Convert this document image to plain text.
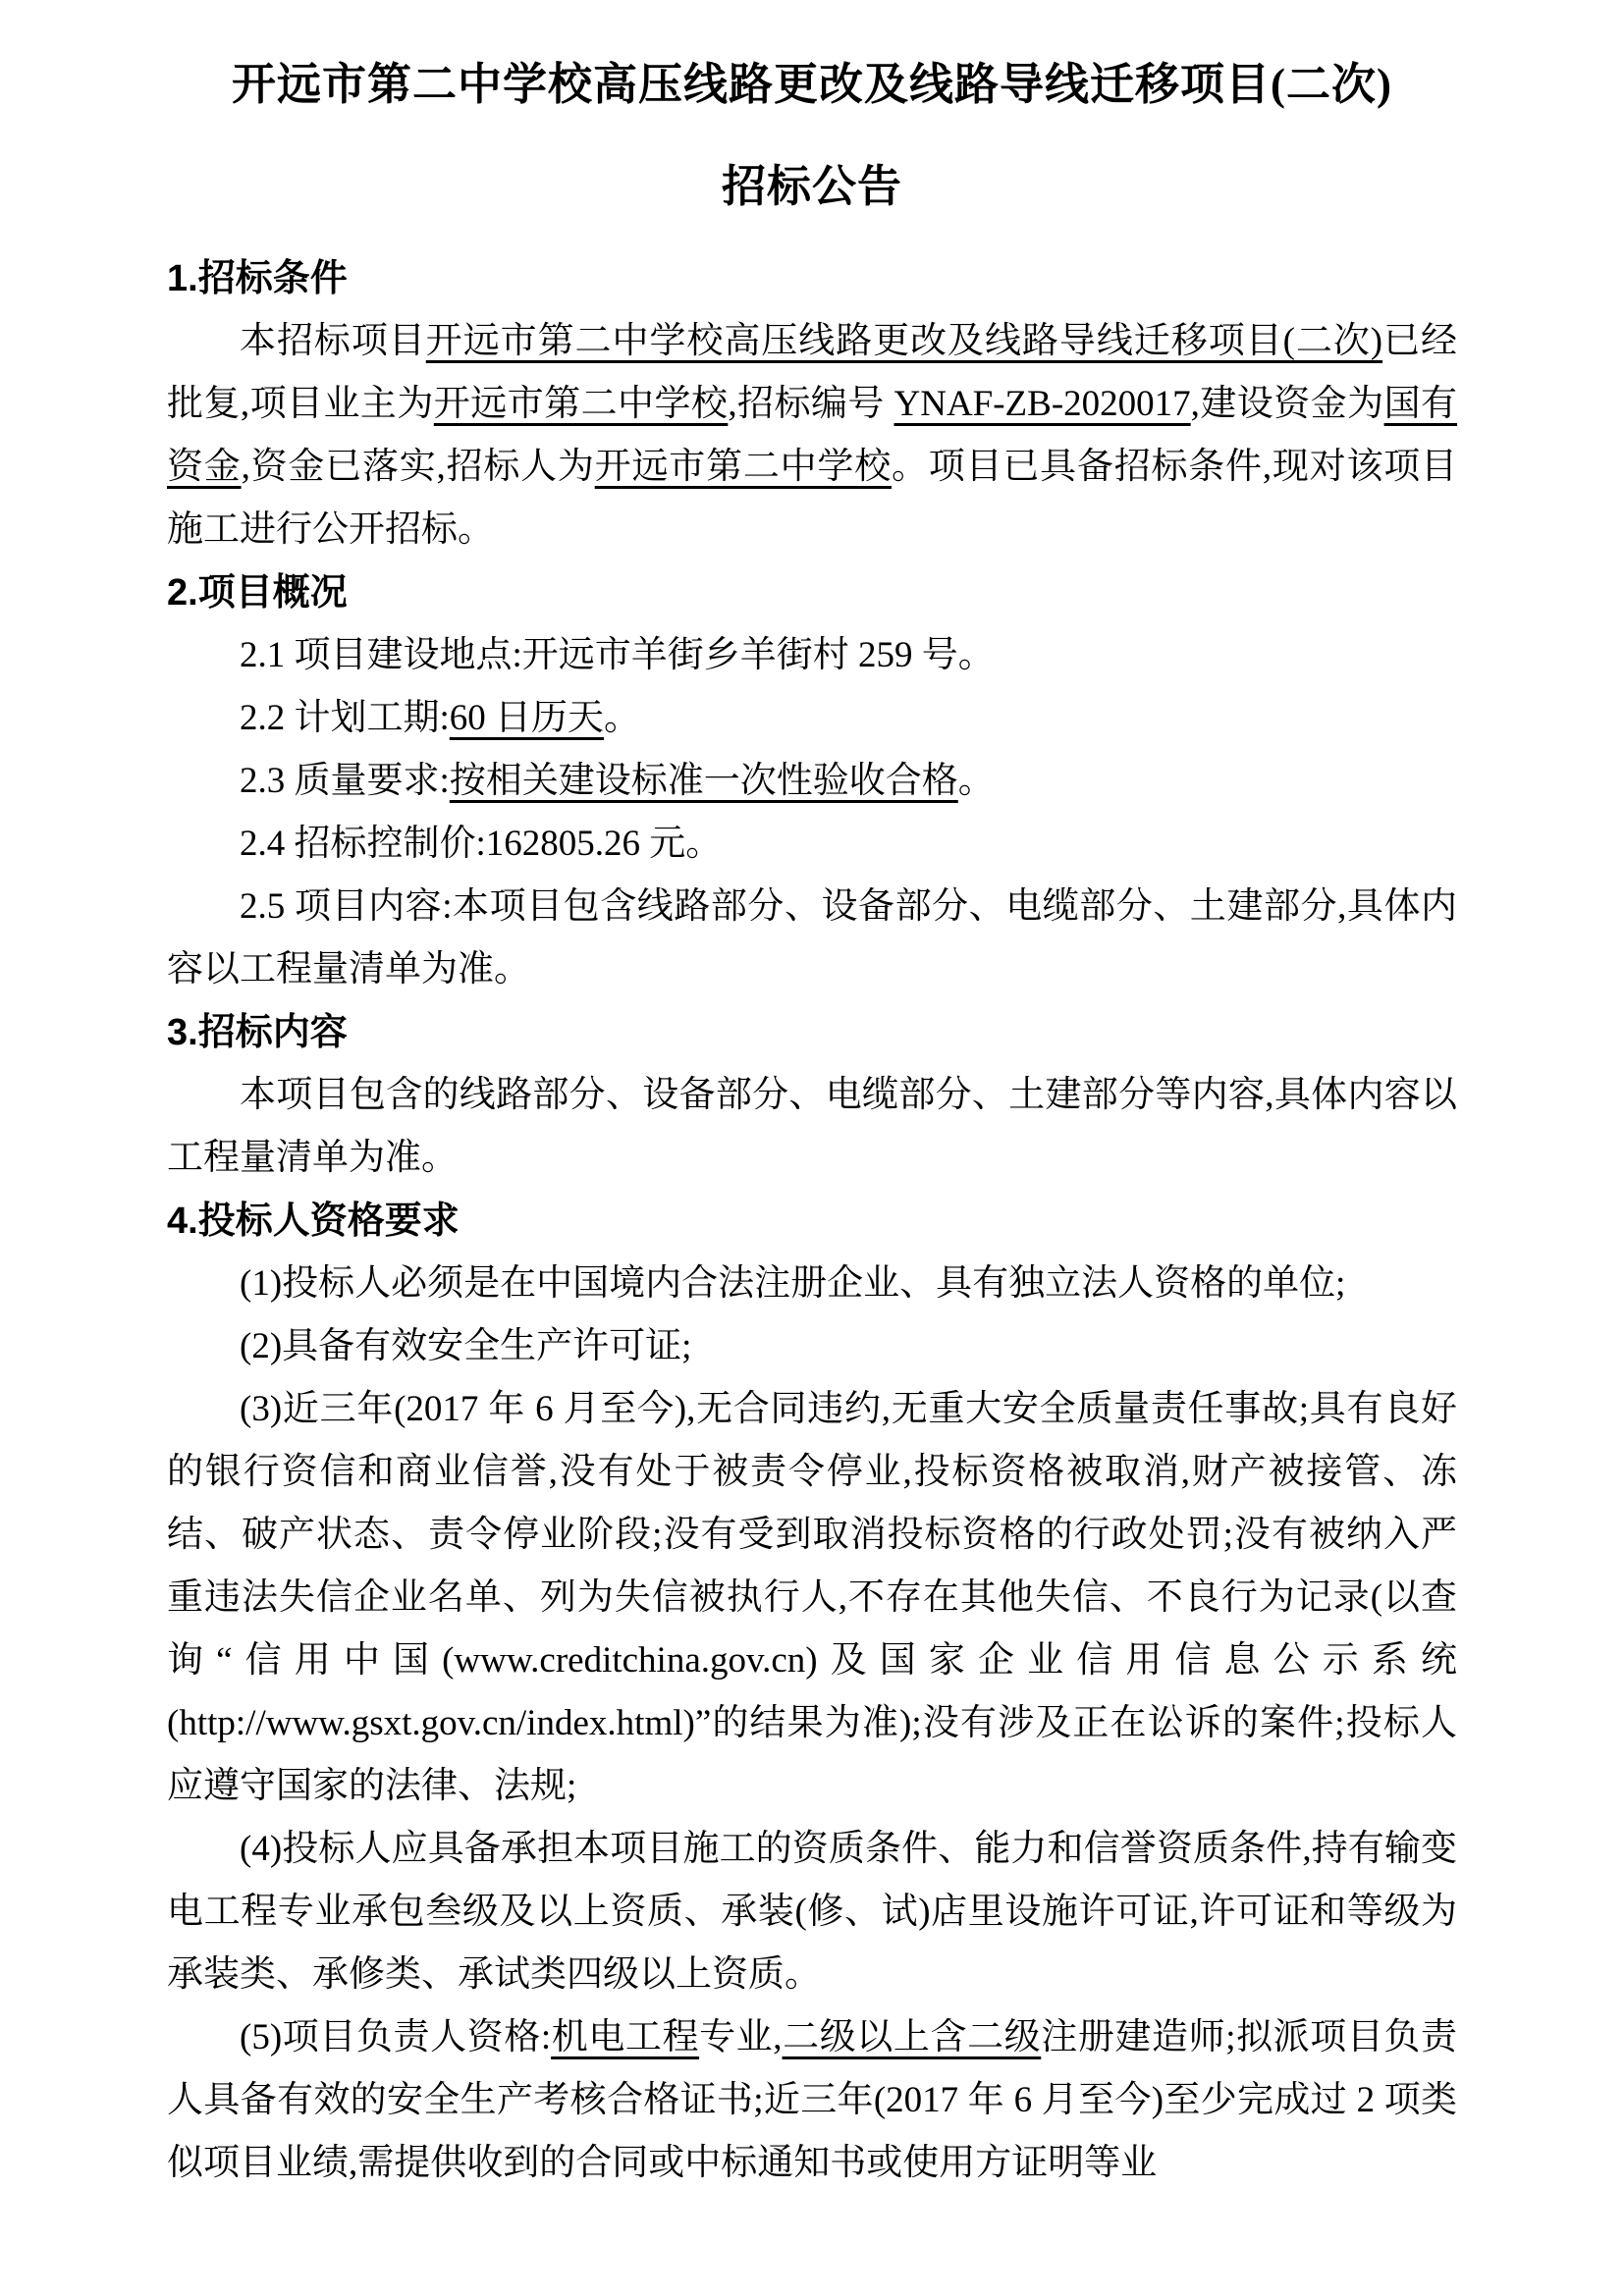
开远市第二中学校高压线路更改及线路导线迁移项目(二次)
招标公告
1.招标条件

本招标项目开远市第二中学校高压线路更改及线路导线迁移项目(二次)已经批复,项目业主为开远市第二中学校,招标编号 YNAF-ZB-2020017,建设资金为国有资金,资金已落实,招标人为开远市第二中学校。项目已具备招标条件,现对该项目施工进行公开招标。

2.项目概况

2.1 项目建设地点:开远市羊街乡羊街村 259 号。

2.2 计划工期:60 日历天。

2.3 质量要求:按相关建设标准一次性验收合格。

2.4 招标控制价:162805.26 元。

2.5 项目内容:本项目包含线路部分、设备部分、电缆部分、土建部分,具体内容以工程量清单为准。

3.招标内容

本项目包含的线路部分、设备部分、电缆部分、土建部分等内容,具体内容以工程量清单为准。

4.投标人资格要求

(1)投标人必须是在中国境内合法注册企业、具有独立法人资格的单位;

(2)具备有效安全生产许可证;

(3)近三年(2017 年 6 月至今),无合同违约,无重大安全质量责任事故;具有良好的银行资信和商业信誉,没有处于被责令停业,投标资格被取消,财产被接管、冻结、破产状态、责令停业阶段;没有受到取消投标资格的行政处罚;没有被纳入严重违法失信企业名单、列为失信被执行人,不存在其他失信、不良行为记录(以查询“信用中国(www.creditchina.gov.cn)及国家企业信用信息公示系统(http://www.gsxt.gov.cn/index.html)”的结果为准);没有涉及正在讼诉的案件;投标人应遵守国家的法律、法规;

(4)投标人应具备承担本项目施工的资质条件、能力和信誉资质条件,持有输变电工程专业承包叁级及以上资质、承装(修、试)店里设施许可证,许可证和等级为承装类、承修类、承试类四级以上资质。

(5)项目负责人资格:机电工程专业,二级以上含二级注册建造师;拟派项目负责人具备有效的安全生产考核合格证书;近三年(2017 年 6 月至今)至少完成过 2 项类似项目业绩,需提供收到的合同或中标通知书或使用方证明等业
